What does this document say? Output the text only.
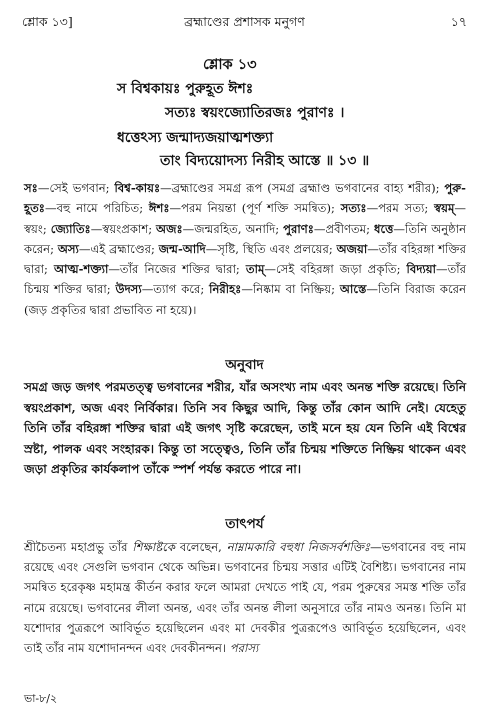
শ্লোক ১৩]	১৭
ব্রহ্মাণ্ডের প্রশাসক মনুগণ
শ্লোক ১৩
স বিশ্বকায়ঃ পুরুহূত ঈশঃ
সত্যঃ স্বয়ংজ্যোতিরজঃ পুরাণঃ ।
ধত্তেঽস্য জন্মাদ্যজয়াত্মশক্ত্যা
তাং বিদ্যয়োদস্য নিরীহ আস্তে ॥ ১৩ ॥
সঃ—সেই ভগবান; বিশ্ব-কায়ঃ—ব্রহ্মাণ্ডের সমগ্র রূপ (সমগ্র ব্রহ্মাণ্ড ভগবানের বাহ্য শরীর); পুরু-হূতঃ—বহু নামে পরিচিত; ঈশঃ—পরম নিয়ন্তা (পূর্ণ শক্তি সমন্বিত); সত্যঃ—পরম সত্য; স্বয়ম্—স্বয়ং; জ্যোতিঃ—স্বয়ংপ্রকাশ; অজঃ—জন্মরহিত, অনাদি; পুরাণঃ—প্রবীণতম; ধত্তে—তিনি অনুষ্ঠান করেন; অস্য—এই ব্রহ্মাণ্ডের; জন্ম-আদি—সৃষ্টি, স্থিতি এবং প্রলয়ের; অজয়া—তাঁর বহিরঙ্গা শক্তির দ্বারা; আত্ম-শক্ত্যা—তাঁর নিজের শক্তির দ্বারা; তাম্—সেই বহিরঙ্গা জড়া প্রকৃতি; বিদ্যয়া—তাঁর চিন্ময় শক্তির দ্বারা; উদস্য—ত্যাগ করে; নিরীহঃ—নিষ্কাম বা নিষ্ক্রিয়; আস্তে—তিনি বিরাজ করেন (জড় প্রকৃতির দ্বারা প্রভাবিত না হয়ে)।
অনুবাদ
সমগ্র জড় জগৎ পরমতত্ত্ব ভগবানের শরীর, যাঁর অসংখ্য নাম এবং অনন্ত শক্তি রয়েছে। তিনি স্বয়ংপ্রকাশ, অজ এবং নির্বিকার। তিনি সব কিছুর আদি, কিন্তু তাঁর কোন আদি নেই। যেহেতু তিনি তাঁর বহিরঙ্গা শক্তির দ্বারা এই জগৎ সৃষ্টি করেছেন, তাই মনে হয় যেন তিনি এই বিশ্বের স্রষ্টা, পালক এবং সংহারক। কিন্তু তা সত্ত্বেও, তিনি তাঁর চিন্ময় শক্তিতে নিষ্ক্রিয় থাকেন এবং জড়া প্রকৃতির কার্যকলাপ তাঁকে স্পর্শ পর্যন্ত করতে পারে না।
তাৎপর্য
শ্রীচৈতন্য মহাপ্রভু তাঁর শিক্ষাষ্টকে বলেছেন, নাম্নামকারি বহুধা নিজসর্বশক্তিঃ—ভগবানের বহু নাম রয়েছে এবং সেগুলি ভগবান থেকে অভিন্ন। ভগবানের চিন্ময় সত্তার এটিই বৈশিষ্ট্য। ভগবানের নাম সমন্বিত হরেকৃষ্ণ মহামন্ত্র কীর্তন করার ফলে আমরা দেখতে পাই যে, পরম পুরুষের সমস্ত শক্তি তাঁর নামে রয়েছে। ভগবানের লীলা অনন্ত, এবং তাঁর অনন্ত লীলা অনুসারে তাঁর নামও অনন্ত। তিনি মা যশোদার পুত্ররূপে আবির্ভূত হয়েছিলেন এবং মা দেবকীর পুত্ররূপেও আবির্ভূত হয়েছিলেন, এবং তাই তাঁর নাম যশোদানন্দন এবং দেবকীনন্দন। পরাস্য
ভা-৮/২
